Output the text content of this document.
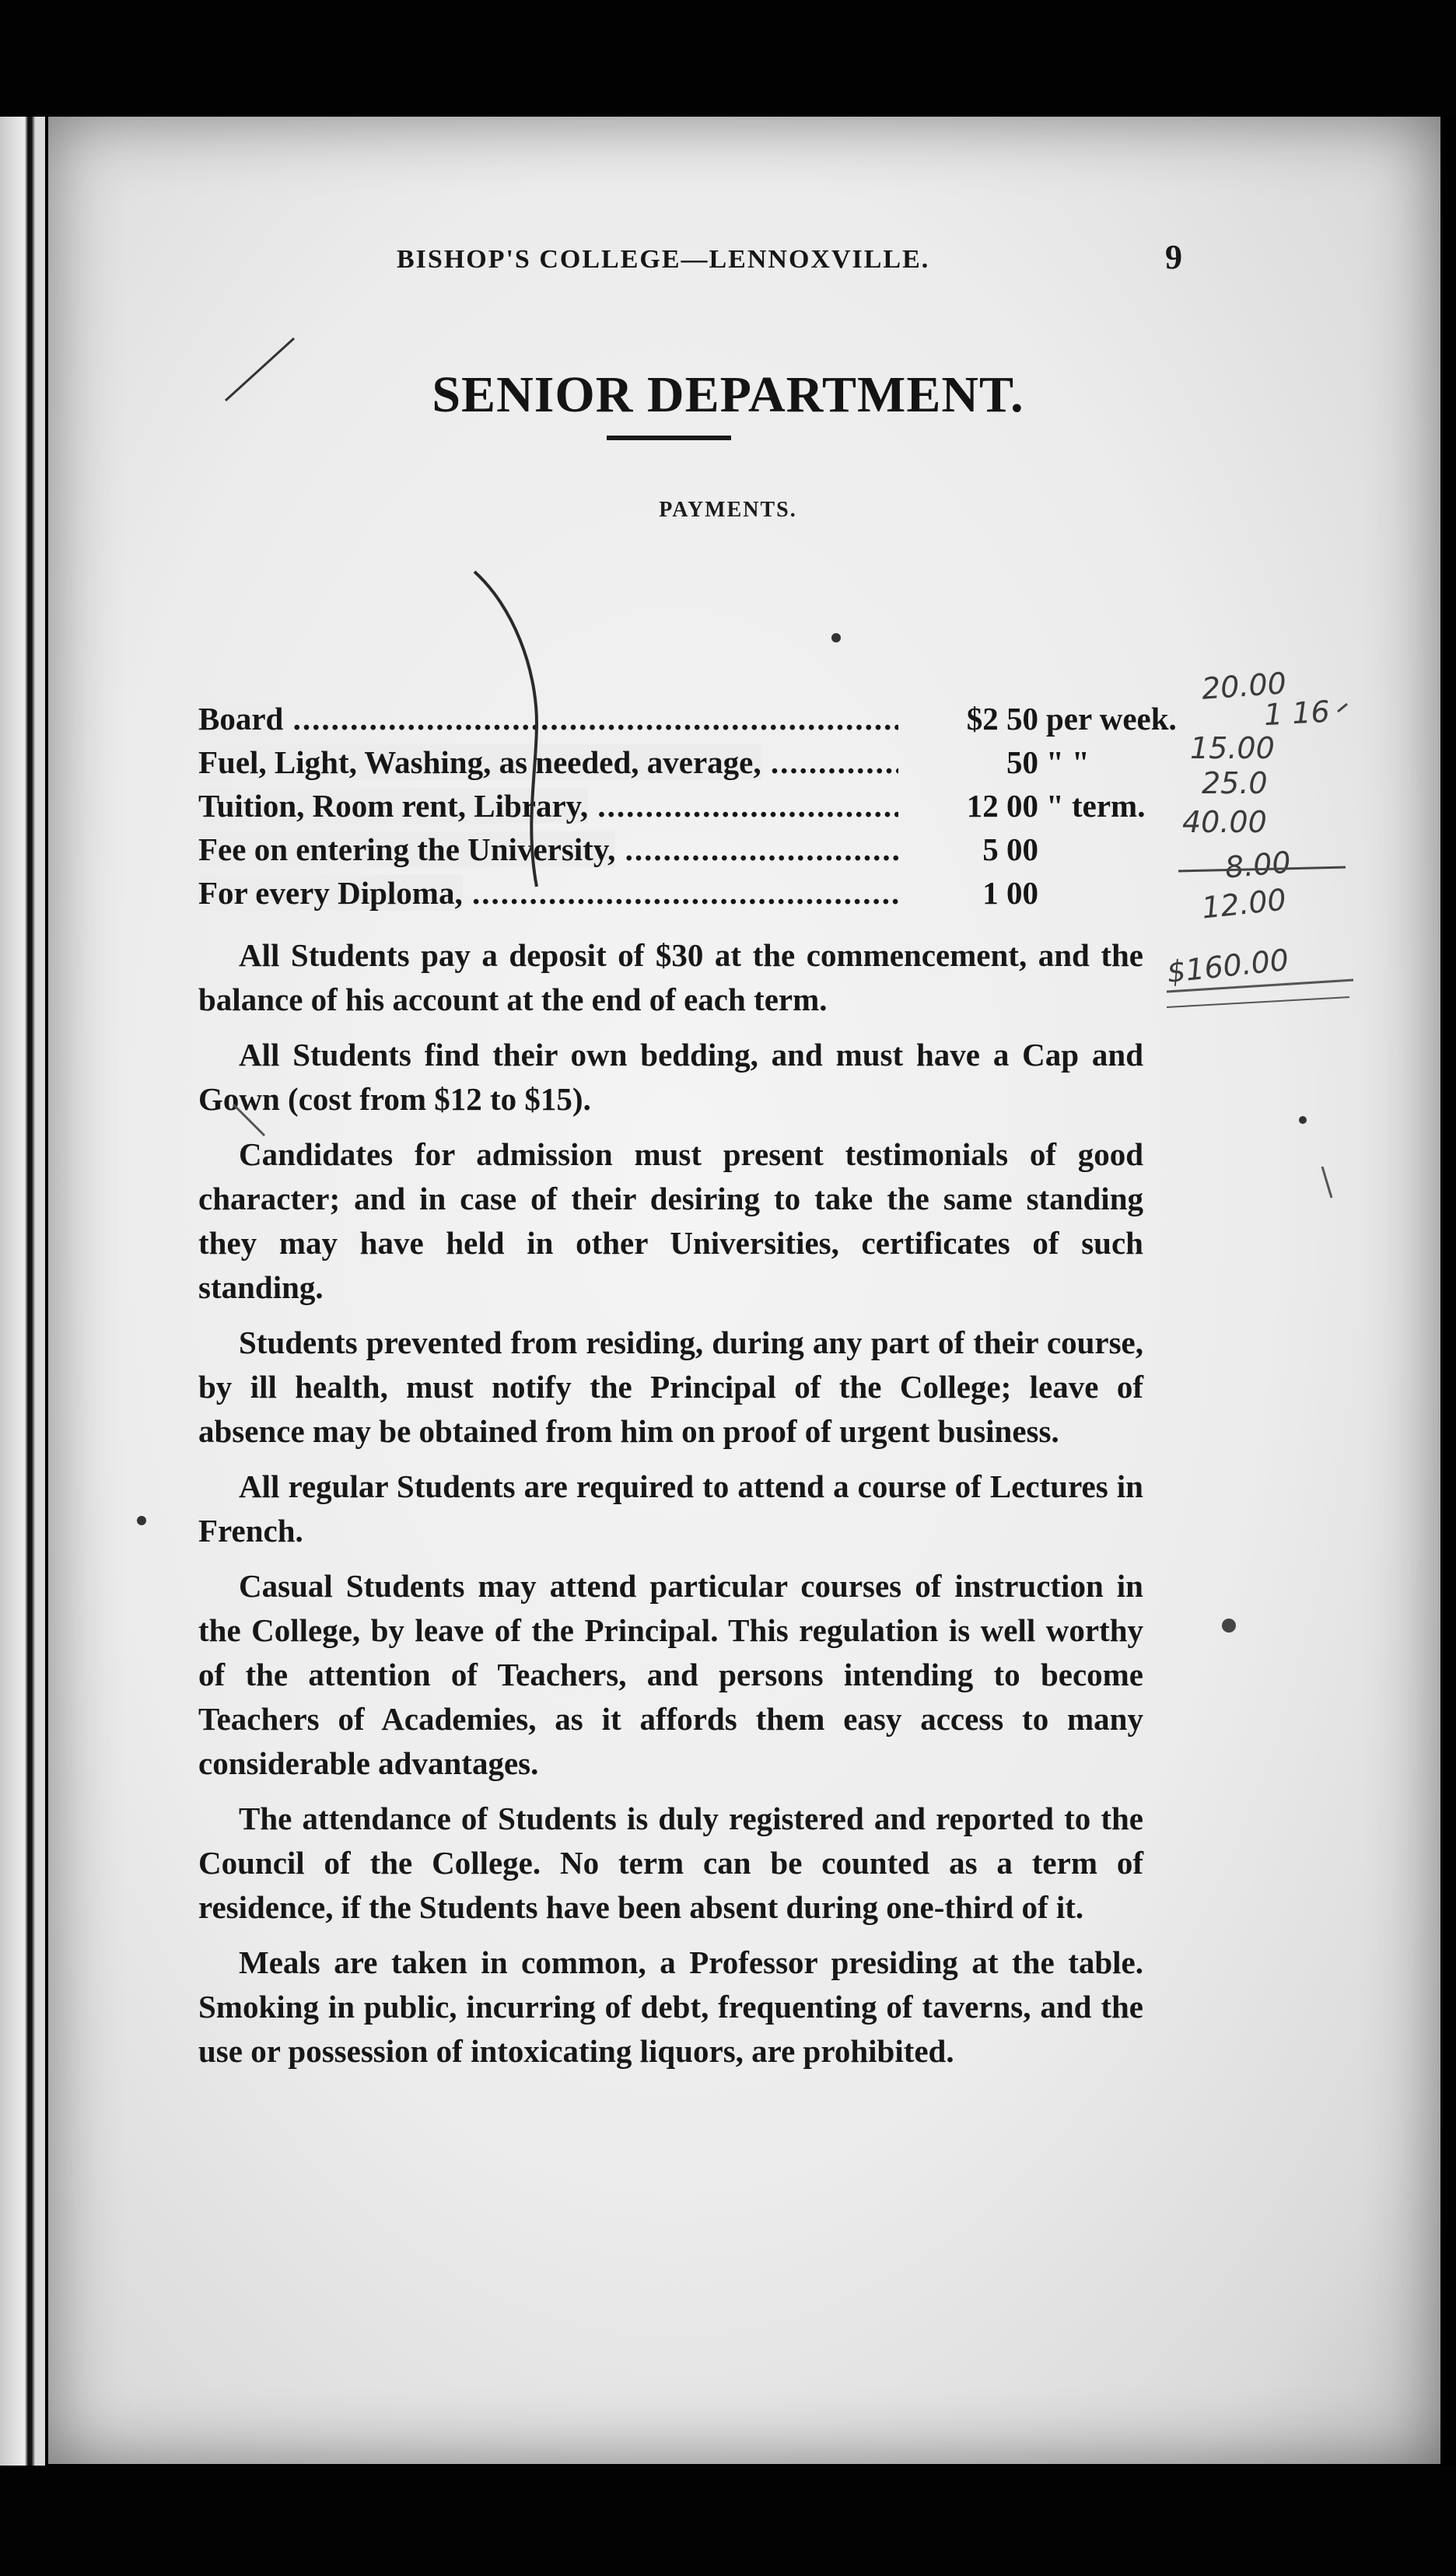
BISHOP'S COLLEGE—LENNOXVILLE.	9
SENIOR DEPARTMENT.
PAYMENTS.
Board .....	$2 50 per week.
Fuel, Light, Washing, as needed, average, .....	50 " "
Tuition, Room rent, Library, .....	12 00 " term.
Fee on entering the University, .....	5 00
For every Diploma, .....	1 00

All Students pay a deposit of $30 at the commencement, and the balance of his account at the end of each term.

All Students find their own bedding, and must have a Cap and Gown (cost from $12 to $15).

Candidates for admission must present testimonials of good character; and in case of their desiring to take the same standing they may have held in other Universities, certificates of such standing.

Students prevented from residing, during any part of their course, by ill health, must notify the Principal of the College; leave of absence may be obtained from him on proof of urgent business.

All regular Students are required to attend a course of Lectures in French.

Casual Students may attend particular courses of instruction in the College, by leave of the Principal. This regulation is well worthy of the attention of Teachers, and persons intending to become Teachers of Academies, as it affords them easy access to many considerable advantages.

The attendance of Students is duly registered and reported to the Council of the College. No term can be counted as a term of residence, if the Students have been absent during one-third of it.

Meals are taken in common, a Professor presiding at the table. Smoking in public, incurring of debt, frequenting of taverns, and the use or possession of intoxicating liquors, are prohibited.

20.00
1 16
15.00
25.0
40.00
8.00
12.00
$160.00
